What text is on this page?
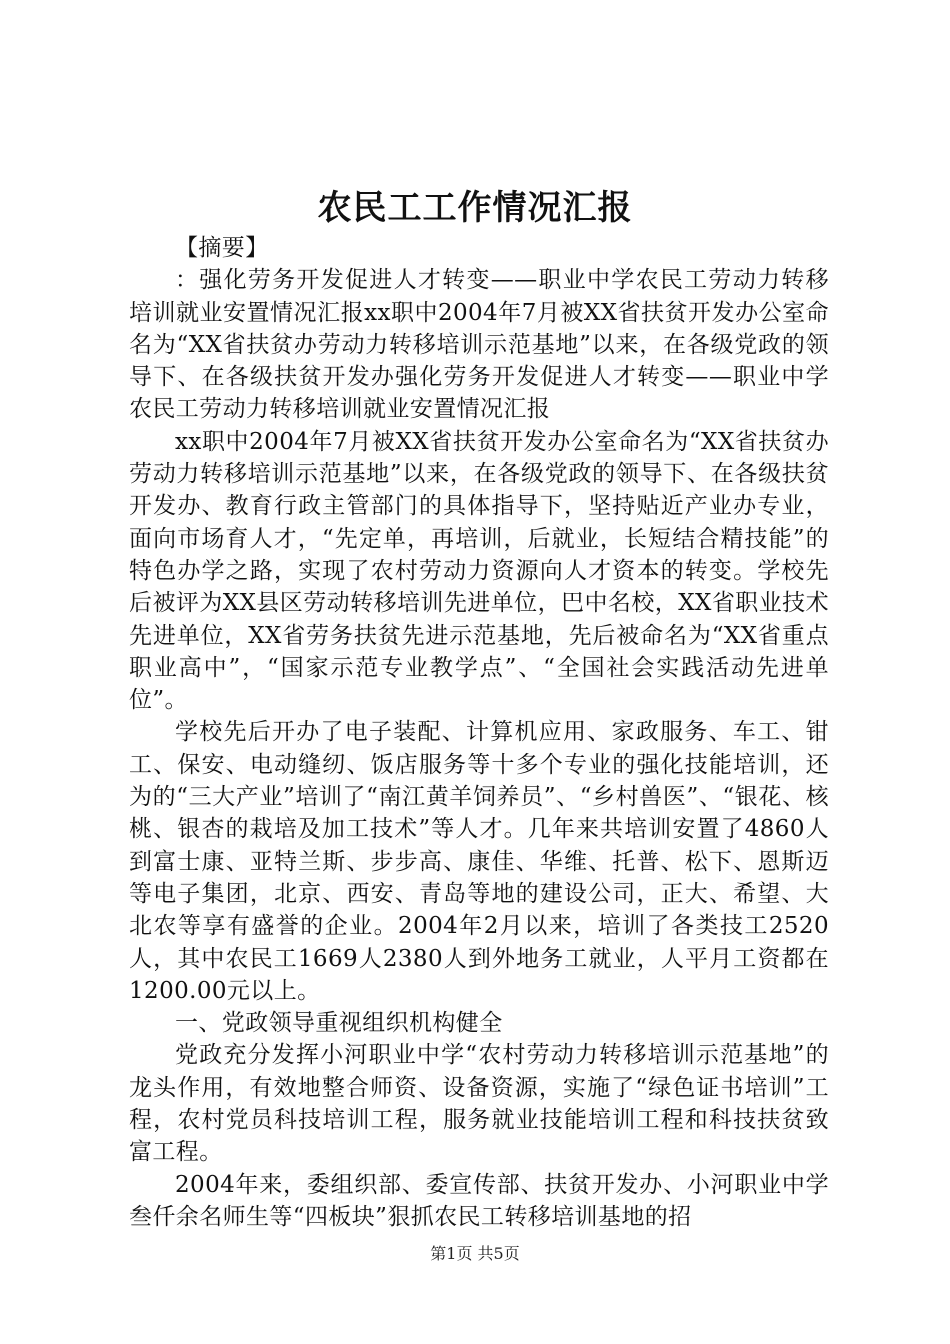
农民工工作情况汇报

【摘要】

：强化劳务开发促进人才转变——职业中学农民工劳动力转移培训就业安置情况汇报xx职中2004年7月被XX省扶贫开发办公室命名为“XX省扶贫办劳动力转移培训示范基地”以来，在各级党政的领导下、在各级扶贫开发办强化劳务开发促进人才转变——职业中学农民工劳动力转移培训就业安置情况汇报

xx职中2004年7月被XX省扶贫开发办公室命名为“XX省扶贫办劳动力转移培训示范基地”以来，在各级党政的领导下、在各级扶贫开发办、教育行政主管部门的具体指导下，坚持贴近产业办专业，面向市场育人才，“先定单，再培训，后就业，长短结合精技能”的特色办学之路，实现了农村劳动力资源向人才资本的转变。学校先后被评为XX县区劳动转移培训先进单位，巴中名校，XX省职业技术先进单位，XX省劳务扶贫先进示范基地，先后被命名为“XX省重点职业高中”，“国家示范专业教学点”、“全国社会实践活动先进单位”。

学校先后开办了电子装配、计算机应用、家政服务、车工、钳工、保安、电动缝纫、饭店服务等十多个专业的强化技能培训，还为的“三大产业”培训了“南江黄羊饲养员”、“乡村兽医”、“银花、核桃、银杏的栽培及加工技术”等人才。几年来共培训安置了4860人到富士康、亚特兰斯、步步高、康佳、华维、托普、松下、恩斯迈等电子集团，北京、西安、青岛等地的建设公司，正大、希望、大北农等享有盛誉的企业。2004年2月以来，培训了各类技工2520人，其中农民工1669人2380人到外地务工就业，人平月工资都在1200.00元以上。

一、党政领导重视组织机构健全

党政充分发挥小河职业中学“农村劳动力转移培训示范基地”的龙头作用，有效地整合师资、设备资源，实施了“绿色证书培训”工程，农村党员科技培训工程，服务就业技能培训工程和科技扶贫致富工程。

2004年来，委组织部、委宣传部、扶贫开发办、小河职业中学叁仟余名师生等“四板块”狠抓农民工转移培训基地的招

第1页 共5页
